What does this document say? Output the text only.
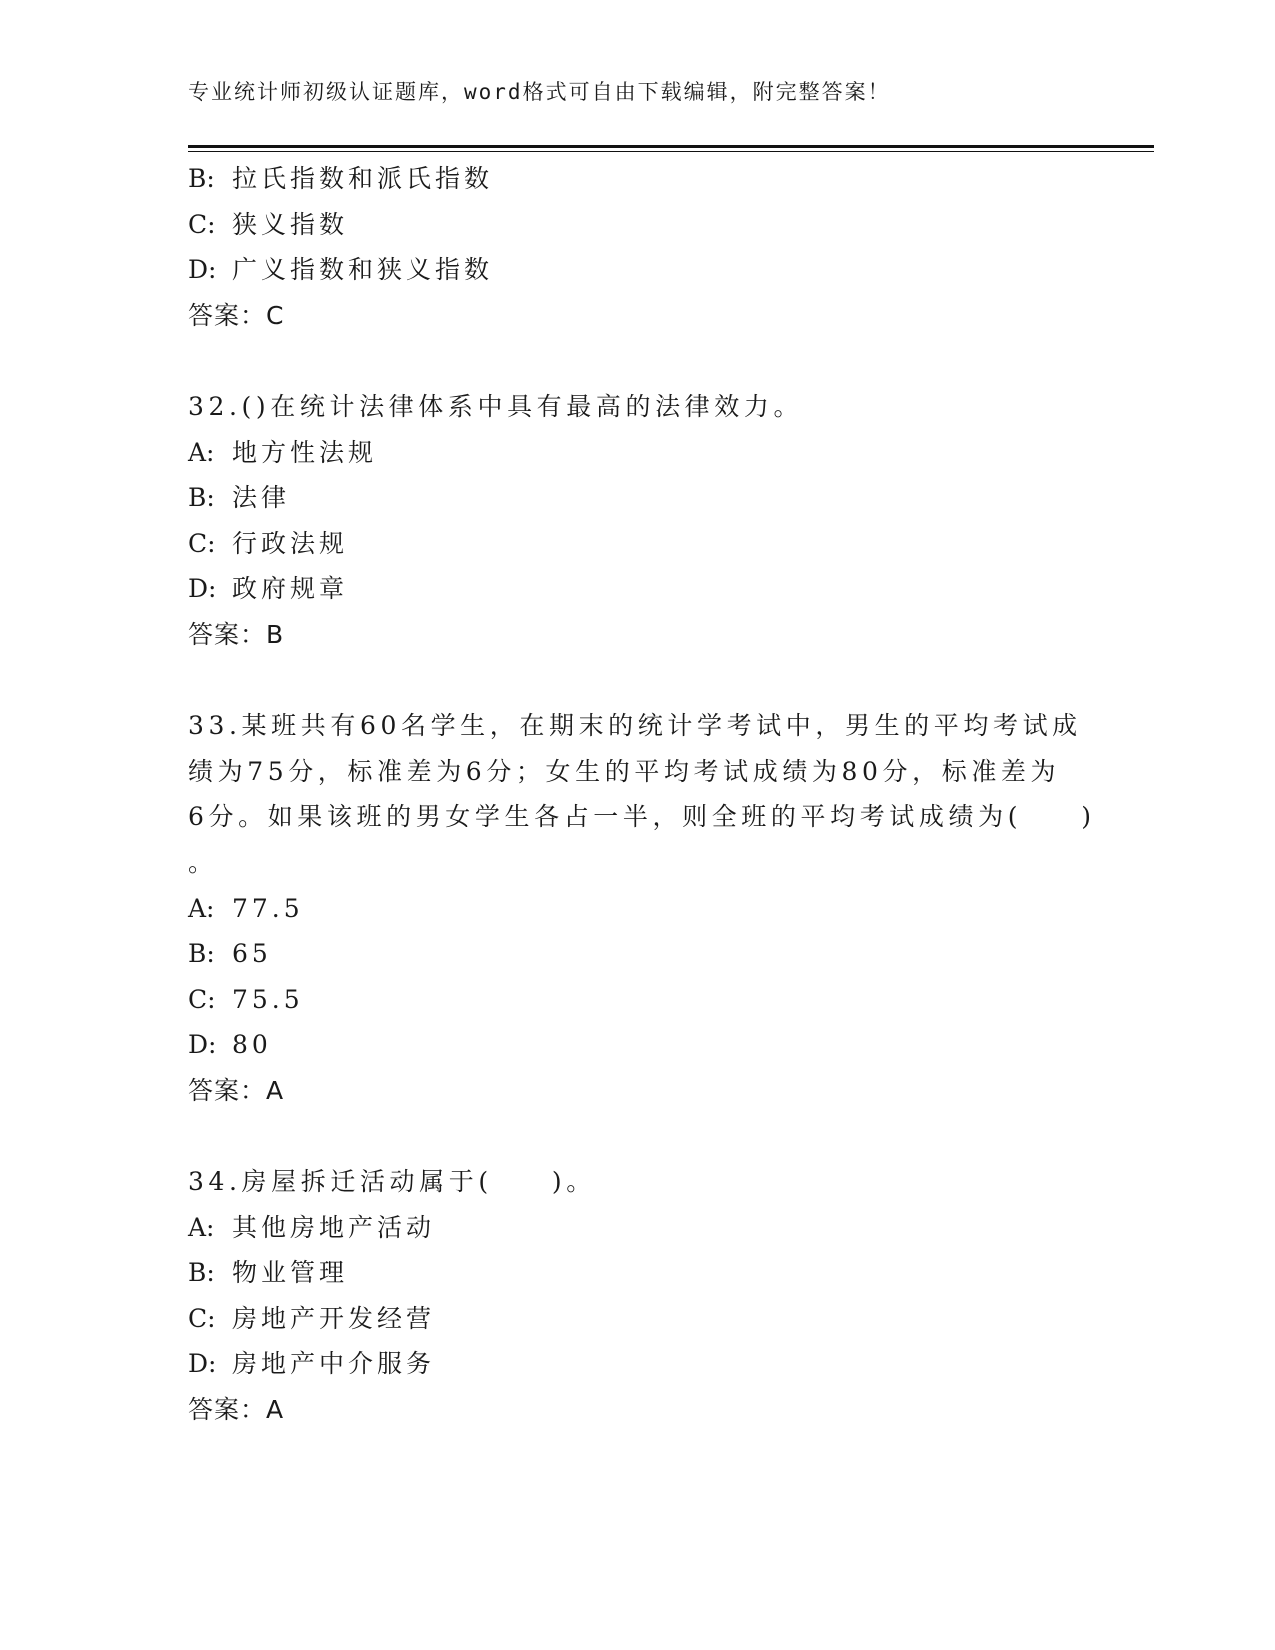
专业统计师初级认证题库，word格式可自由下载编辑，附完整答案！
B: 拉氏指数和派氏指数
C: 狭义指数
D: 广义指数和狭义指数
答案：C
32.()在统计法律体系中具有最高的法律效力。
A: 地方性法规
B: 法律
C: 行政法规
D: 政府规章
答案：B
33.某班共有60名学生，在期末的统计学考试中，男生的平均考试成
绩为75分，标准差为6分；女生的平均考试成绩为80分，标准差为
6分。如果该班的男女学生各占一半，则全班的平均考试成绩为(　　)
。
A: 77.5
B: 65
C: 75.5
D: 80
答案：A
34.房屋拆迁活动属于(　　)。
A: 其他房地产活动
B: 物业管理
C: 房地产开发经营
D: 房地产中介服务
答案：A
